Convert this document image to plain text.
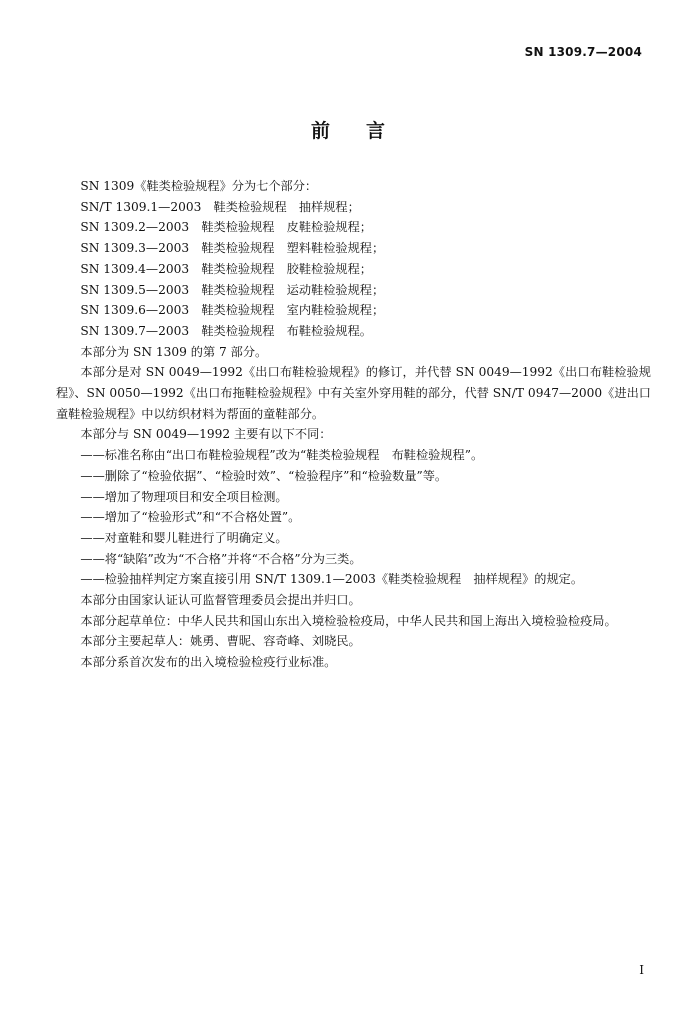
SN 1309.7—2004
前言

SN 1309《鞋类检验规程》分为七个部分：

SN/T 1309.1—2003　鞋类检验规程　抽样规程；

SN 1309.2—2003　鞋类检验规程　皮鞋检验规程；

SN 1309.3—2003　鞋类检验规程　塑料鞋检验规程；

SN 1309.4—2003　鞋类检验规程　胶鞋检验规程；

SN 1309.5—2003　鞋类检验规程　运动鞋检验规程；

SN 1309.6—2003　鞋类检验规程　室内鞋检验规程；

SN 1309.7—2003　鞋类检验规程　布鞋检验规程。

本部分为 SN 1309 的第 7 部分。

本部分是对 SN 0049—1992《出口布鞋检验规程》的修订，并代替 SN 0049—1992《出口布鞋检验规程》、SN 0050—1992《出口布拖鞋检验规程》中有关室外穿用鞋的部分，代替 SN/T 0947—2000《进出口童鞋检验规程》中以纺织材料为帮面的童鞋部分。

本部分与 SN 0049—1992 主要有以下不同：

——标准名称由“出口布鞋检验规程”改为“鞋类检验规程　布鞋检验规程”。

——删除了“检验依据”、“检验时效”、“检验程序”和“检验数量”等。

——增加了物理项目和安全项目检测。

——增加了“检验形式”和“不合格处置”。

——对童鞋和婴儿鞋进行了明确定义。

——将“缺陷”改为“不合格”并将“不合格”分为三类。

——检验抽样判定方案直接引用 SN/T 1309.1—2003《鞋类检验规程　抽样规程》的规定。

本部分由国家认证认可监督管理委员会提出并归口。

本部分起草单位：中华人民共和国山东出入境检验检疫局，中华人民共和国上海出入境检验检疫局。

本部分主要起草人：姚勇、曹昵、容奇峰、刘晓民。

本部分系首次发布的出入境检验检疫行业标准。

I
